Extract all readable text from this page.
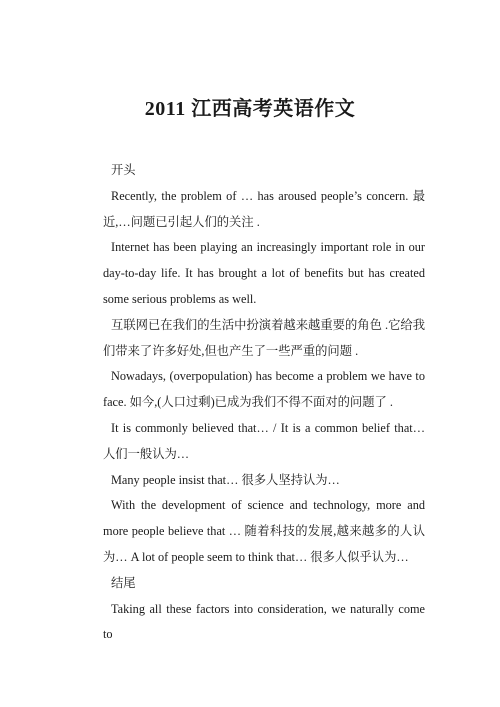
2011 江西高考英语作文

开头

Recently, the problem of … has aroused people’s concern. 最近,…问题已引起人们的关注 .

Internet has been playing an increasingly important role in our day-to-day life. It has brought a lot of benefits but has created some serious problems as well.

互联网已在我们的生活中扮演着越来越重要的角色 .它给我们带来了许多好处,但也产生了一些严重的问题 .

Nowadays, (overpopulation) has become a problem we have to face. 如今,(人口过剩)已成为我们不得不面对的问题了 .

It is commonly believed that… / It is a common belief that… 人们一般认为…

Many people insist that… 很多人坚持认为…

With the development of science and technology, more and more people believe that … 随着科技的发展,越来越多的人认为… A lot of people seem to think that… 很多人似乎认为…

结尾

Taking all these factors into consideration, we naturally come to
